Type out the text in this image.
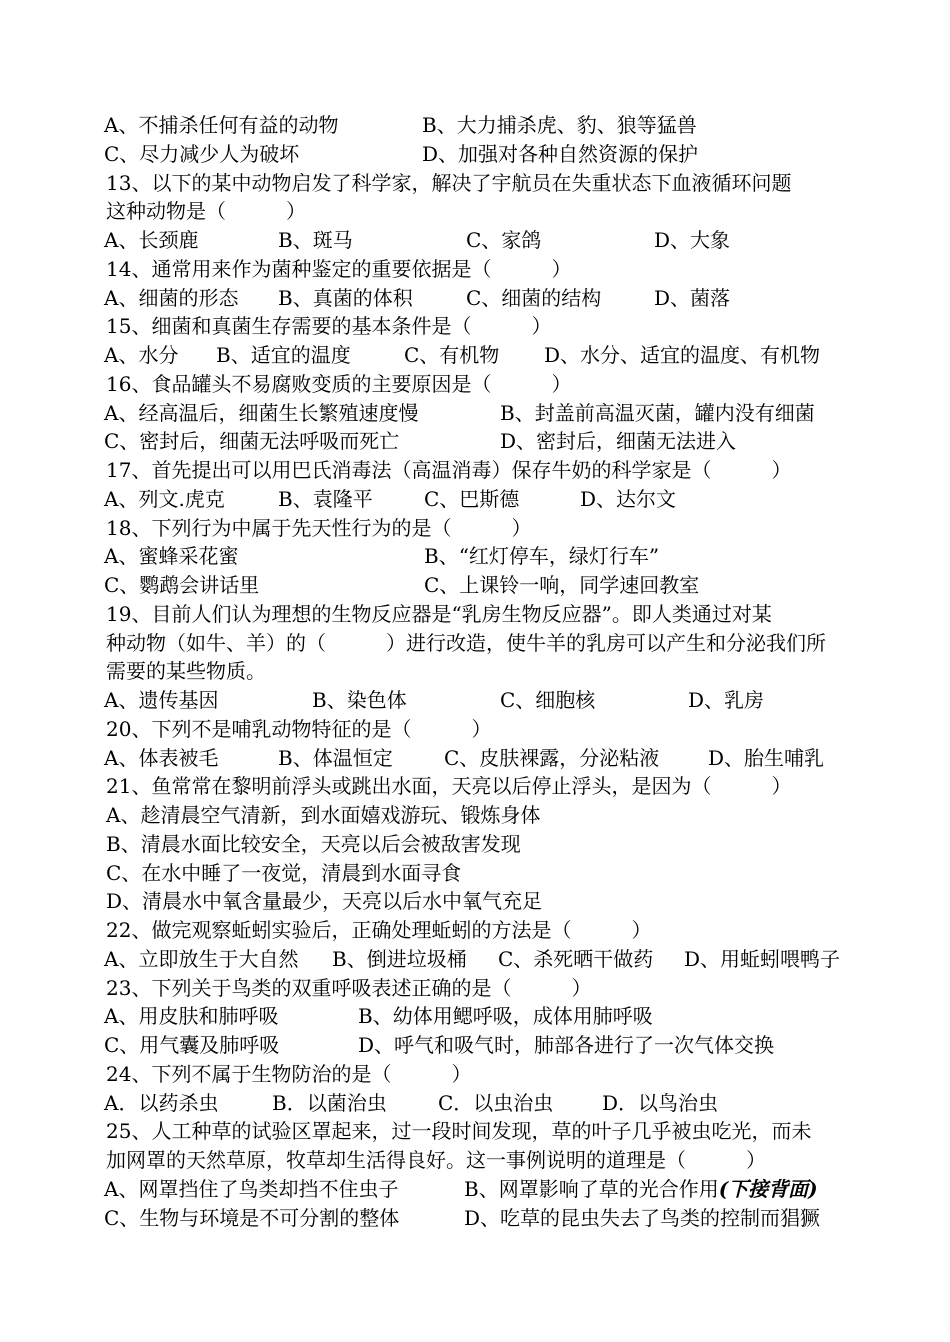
A、不捕杀任何有益的动物	B、大力捕杀虎、豹、狼等猛兽
C、尽力减少人为破坏	D、加强对各种自然资源的保护
13、以下的某中动物启发了科学家，解决了宇航员在失重状态下血液循环问题
这种动物是（　　　）
A、长颈鹿	B、斑马	C、家鸽	D、大象
14、通常用来作为菌种鉴定的重要依据是（　　　）
A、细菌的形态	B、真菌的体积	C、细菌的结构	D、菌落
15、细菌和真菌生存需要的基本条件是（　　　）
A、水分	B、适宜的温度	C、有机物	D、水分、适宜的温度、有机物
16、食品罐头不易腐败变质的主要原因是（　　　）
A、经高温后，细菌生长繁殖速度慢	B、封盖前高温灭菌，罐内没有细菌
C、密封后，细菌无法呼吸而死亡	D、密封后，细菌无法进入
17、首先提出可以用巴氏消毒法（高温消毒）保存牛奶的科学家是（　　　）
A、列文.虎克	B、袁隆平	C、巴斯德	D、达尔文
18、下列行为中属于先天性行为的是（　　　）
A、蜜蜂采花蜜	B、“红灯停车，绿灯行车”
C、鹦鹉会讲话里	C、上课铃一响，同学速回教室
19、目前人们认为理想的生物反应器是“乳房生物反应器”。即人类通过对某
种动物（如牛、羊）的（　　　）进行改造，使牛羊的乳房可以产生和分泌我们所
需要的某些物质。
A、遗传基因	B、染色体	C、细胞核	D、乳房
20、下列不是哺乳动物特征的是（　　　）
A、体表被毛	B、体温恒定	C、皮肤裸露，分泌粘液	D、胎生哺乳
21、鱼常常在黎明前浮头或跳出水面，天亮以后停止浮头，是因为（　　　）
A、趁清晨空气清新，到水面嬉戏游玩、锻炼身体
B、清晨水面比较安全，天亮以后会被敌害发现
C、在水中睡了一夜觉，清晨到水面寻食
D、清晨水中氧含量最少，天亮以后水中氧气充足
22、做完观察蚯蚓实验后，正确处理蚯蚓的方法是（　　　）
A、立即放生于大自然	B、倒进垃圾桶	C、杀死晒干做药	D、用蚯蚓喂鸭子
23、下列关于鸟类的双重呼吸表述正确的是（　　　）
A、用皮肤和肺呼吸	B、幼体用鳃呼吸，成体用肺呼吸
C、用气囊及肺呼吸	D、呼气和吸气时，肺部各进行了一次气体交换
24、下列不属于生物防治的是（　　　）
A．以药杀虫	B．以菌治虫	C．以虫治虫	D．以鸟治虫
25、人工种草的试验区罩起来，过一段时间发现，草的叶子几乎被虫吃光，而未
加网罩的天然草原，牧草却生活得良好。这一事例说明的道理是（　　　）
A、网罩挡住了鸟类却挡不住虫子	B、网罩影响了草的光合作用 (下接背面)
C、生物与环境是不可分割的整体	D、吃草的昆虫失去了鸟类的控制而猖獗
